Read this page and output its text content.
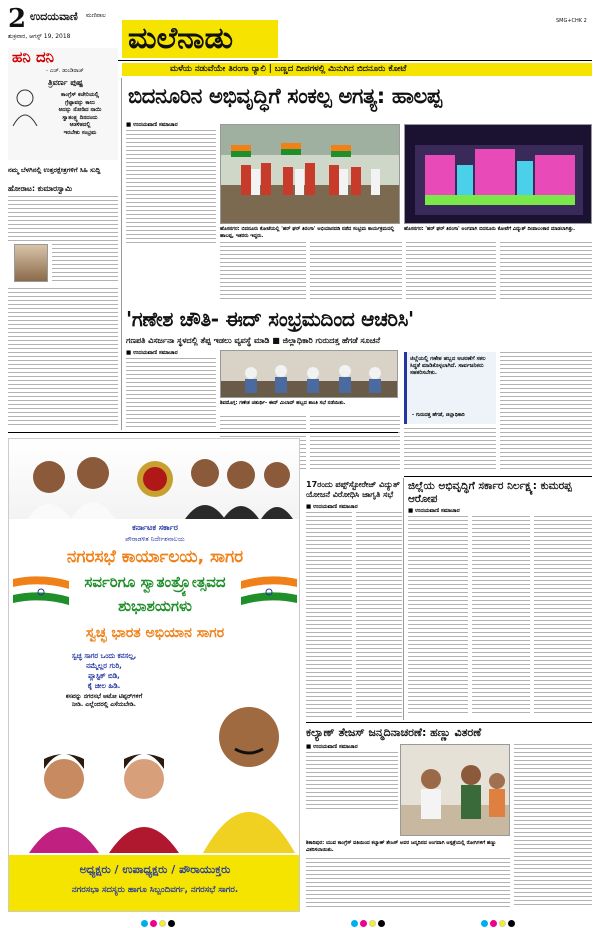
2 ಉದಯವಾಣಿ ಮಣಿಪಾಲ
ಶುಕ್ರವಾರ, ಆಗಸ್ಟ್ 19, 2018 ಮಲೆನಾಡು	SMG+CHK 2
ಮಳೆಯ ನಡುವೆಯೇ ತಿರಂಗಾ ರ್‍ಯಾಲಿ | ಬಣ್ಣದ ದೀಪಗಳಲ್ಲಿ ಮಿನುಗಿದ ಬಿದನೂರು ಕೋಟೆ
ಹನಿ ದನಿ
- ಎಚ್. ಡುಂಡಿರಾಜ್
ತ್ರಿವರ್ಣ ಪುಷ್ಪ
ಕಾಂಗ್ರೆಸ್ ಕಚೇರಿಯಲ್ಲಿ
ಗ್ರೆಟ್ಟಾವನ್ನು ಕಾಲು
ಅದನ್ನು ನೋಡಿದ ನಾಯಿ
ಸ್ವಾತಂತ್ರ್ಯ ದಿನದಂದು
ಆಡಳಿತದಲ್ಲಿ
ಇರಬೇಕು ಸಂಭ್ರಮ
ನಮ್ಮ ಬೆಳಗಿನಲ್ಲಿ ಉತ್ತರಕ್ಷೇತ್ರಗಳಿಗೆ ಸಿಹಿ ಸುದ್ದಿ
ಹೋರಾಟ: ಕುಮಾರಸ್ವಾಮಿ
ಬಿದನೂರಿನ ಅಭಿವೃದ್ಧಿಗೆ ಸಂಕಲ್ಪ ಅಗತ್ಯ: ಹಾಲಪ್ಪ
■ ಉದಯವಾಣಿ ಸಮಾಚಾರ
ಹೊಸನಗರ: ಬಿದನೂರು ಕೋಟೆಯಲ್ಲಿ 'ಹರ್ ಘರ್ ತಿರಂಗಾ' ಅಭಿಯಾನದಡಿ ನಡೆದ ಸಂಭ್ರಮ ಕಾರ್ಯಕ್ರಮದಲ್ಲಿ ಹಾಲಪ್ಪ, ಇತರರು ಇದ್ದರು.
ಹೊಸನಗರ: 'ಹರ್ ಘರ್ ತಿರಂಗಾ' ಅಂಗವಾಗಿ ಬಿದನೂರು ಕೋಟೆಗೆ ವಿದ್ಯುತ್ ದೀಪಾಲಂಕಾರ ಮಾಡಲಾಗಿತ್ತು.
'ಗಣೇಶ ಚೌತಿ- ಈದ್ ಸಂಭ್ರಮದಿಂದ ಆಚರಿಸಿ'
ಗಣಪತಿ ವಿಸರ್ಜನಾ ಸ್ಥಳದಲ್ಲಿ ತೆಪ್ಪ ಇಡಲು ವ್ಯವಸ್ಥೆ ಮಾಡಿ ■ ಜಿಲ್ಲಾಧಿಕಾರಿ ಗುರುದತ್ತ ಹೆಗಡೆ ಸೂಚನೆ
■ ಉದಯವಾಣಿ ಸಮಾಚಾರ
ಶಿವಮೊಗ್ಗ: ಗಣೇಶ ಚತುರ್ಥಿ- ಈದ್ ಮಿಲಾದ್ ಹಬ್ಬದ ಶಾಂತಿ ಸಭೆ ನಡೆಯಿತು.
ಜಿಲ್ಲೆಯಲ್ಲಿ ಗಣೇಶ ಹಬ್ಬದ ಆಚರಣೆಗೆ ಸಕಲ ಸಿದ್ಧತೆ ಮಾಡಿಕೊಳ್ಳಲಾಗಿದೆ. ಸಾರ್ವಜನಿಕರು ಸಹಕರಿಸಬೇಕು.
- ಗುರುದತ್ತ ಹೆಗಡೆ, ಜಿಲ್ಲಾಧಿಕಾರಿ
ಕರ್ನಾಟಕ ಸರ್ಕಾರ
ಪೌರಾಡಳಿತ ನಿರ್ದೇಶನಾಲಯ
ನಗರಸಭೆ ಕಾರ್ಯಾಲಯ, ಸಾಗರ
ಸರ್ವರಿಗೂ ಸ್ವಾತಂತ್ರ್ಯೋತ್ಸವದ
ಶುಭಾಶಯಗಳು
ಸ್ವಚ್ಛ ಭಾರತ ಅಭಿಯಾನ ಸಾಗರ
ಸ್ವಚ್ಛ ಸಾಗರ ಒಂದು ಕನಸಲ್ಲ,
ನಮ್ಮೆಲ್ಲರ ಗುರಿ,
ಪ್ಲಾಸ್ಟಿಕ್ ಬಿಡಿ,
ಕೈ ಚೀಲ ಹಿಡಿ.
ಕಸವನ್ನು ನಗರಸಭೆ ಆಟೋ ಟಿಪ್ಪರ್‌ಗಳಿಗೆ
ನೀಡಿ. ಎಲ್ಲೆಂದರಲ್ಲಿ ಎಸೆಯಬೇಡಿ.
ಅಧ್ಯಕ್ಷರು / ಉಪಾಧ್ಯಕ್ಷರು / ಪೌರಾಯುಕ್ತರು
ನಗರಸಭಾ ಸದಸ್ಯರು ಹಾಗೂ ಸಿಬ್ಬಂದಿವರ್ಗ, ನಗರಸಭೆ ಸಾಗರ.
17ರಂದು ಪಪ್ಪ್‌ಸ್ಟೋರೇಜ್ ವಿದ್ಯುತ್ ಯೋಜನೆ ವಿರೋಧಿಸಿ ಜಾಗೃತಿ ಸಭೆ
■ ಉದಯವಾಣಿ ಸಮಾಚಾರ
ಜಿಲ್ಲೆಯ ಅಭಿವೃದ್ಧಿಗೆ ಸರ್ಕಾರ ನಿರ್ಲಕ್ಷ್ಯ: ಕುಮರಪ್ಪ ಆರೋಪ
■ ಉದಯವಾಣಿ ಸಮಾಚಾರ
ಕಲ್ಯಾಣ್ ತೇಜಸ್ ಜನ್ಮದಿನಾಚರಣೆ: ಹಣ್ಣು ವಿತರಣೆ
■ ಉದಯವಾಣಿ ಸಮಾಚಾರ
ಶಿಕಾರಿಪುರ: ಯುವ ಕಾಂಗ್ರೆಸ್ ವತಿಯಿಂದ ಕಲ್ಯಾಣ್ ತೇಜಸ್ ಅವರ ಜನ್ಮದಿನದ ಅಂಗವಾಗಿ ಆಸ್ಪತ್ರೆಯಲ್ಲಿ ರೋಗಿಗಳಿಗೆ ಹಣ್ಣು ವಿತರಿಸಲಾಯಿತು.
